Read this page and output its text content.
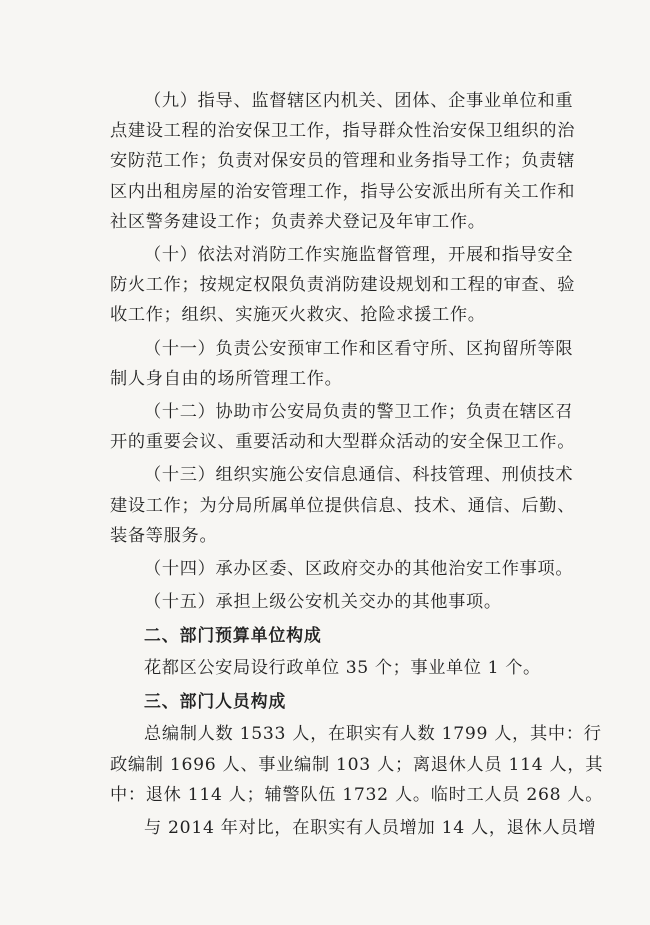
（九）指导、监督辖区内机关、团体、企事业单位和重
点建设工程的治安保卫工作，指导群众性治安保卫组织的治
安防范工作；负责对保安员的管理和业务指导工作；负责辖
区内出租房屋的治安管理工作，指导公安派出所有关工作和
社区警务建设工作；负责养犬登记及年审工作。
（十）依法对消防工作实施监督管理，开展和指导安全
防火工作；按规定权限负责消防建设规划和工程的审查、验
收工作；组织、实施灭火救灾、抢险求援工作。
（十一）负责公安预审工作和区看守所、区拘留所等限
制人身自由的场所管理工作。
（十二）协助市公安局负责的警卫工作；负责在辖区召
开的重要会议、重要活动和大型群众活动的安全保卫工作。
（十三）组织实施公安信息通信、科技管理、刑侦技术
建设工作；为分局所属单位提供信息、技术、通信、后勤、
装备等服务。
（十四）承办区委、区政府交办的其他治安工作事项。
（十五）承担上级公安机关交办的其他事项。
二、部门预算单位构成
花都区公安局设行政单位 35 个；事业单位 1 个。
三、部门人员构成
总编制人数 1533 人，在职实有人数 1799 人，其中：行
政编制 1696 人、事业编制 103 人；离退休人员 114 人，其
中：退休 114 人；辅警队伍 1732 人。临时工人员 268 人。
与 2014 年对比，在职实有人员增加 14 人，退休人员增
